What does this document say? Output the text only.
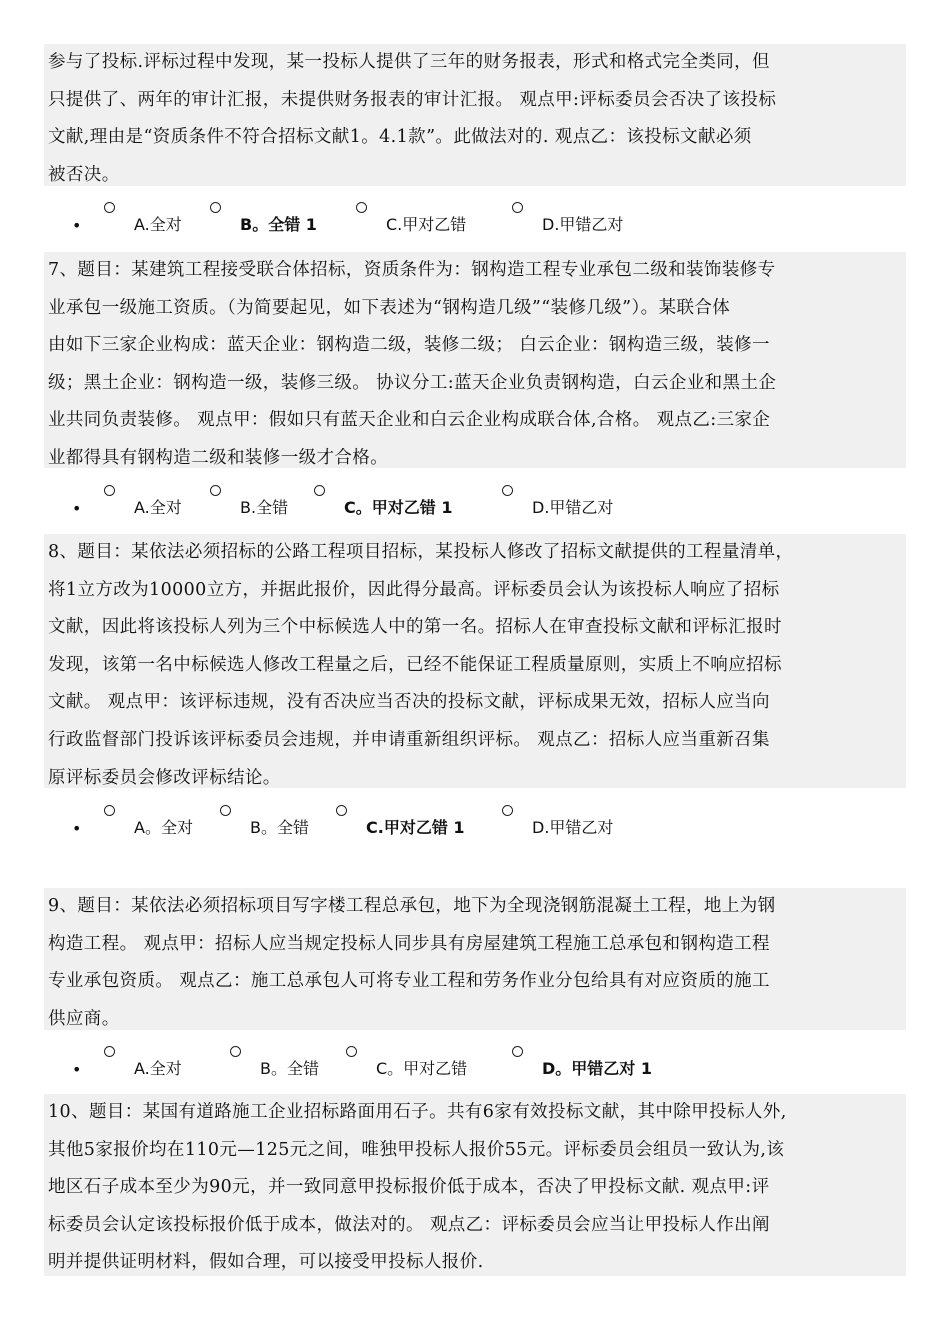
参与了投标.评标过程中发现，某一投标人提供了三年的财务报表，形式和格式完全类同，但

只提供了、两年的审计汇报，未提供财务报表的审计汇报。 观点甲:评标委员会否决了该投标

文献,理由是“资质条件不符合招标文献1。4.1款”。此做法对的. 观点乙：该投标文献必须

被否决。

•	A.全对	B。全错 1	C.甲对乙错	D.甲错乙对

7、题目：某建筑工程接受联合体招标，资质条件为：钢构造工程专业承包二级和装饰装修专

业承包一级施工资质。（为简要起见，如下表述为“钢构造几级”“装修几级”）。某联合体

由如下三家企业构成：蓝天企业：钢构造二级，装修二级； 白云企业：钢构造三级，装修一

级；黑土企业：钢构造一级，装修三级。 协议分工:蓝天企业负责钢构造，白云企业和黑土企

业共同负责装修。 观点甲：假如只有蓝天企业和白云企业构成联合体,合格。 观点乙:三家企

业都得具有钢构造二级和装修一级才合格。

•	A.全对	B.全错	C。甲对乙错 1	D.甲错乙对

8、题目：某依法必须招标的公路工程项目招标，某投标人修改了招标文献提供的工程量清单，

将1立方改为10000立方，并据此报价，因此得分最高。评标委员会认为该投标人响应了招标

文献，因此将该投标人列为三个中标候选人中的第一名。招标人在审查投标文献和评标汇报时

发现，该第一名中标候选人修改工程量之后，已经不能保证工程质量原则，实质上不响应招标

文献。 观点甲：该评标违规，没有否决应当否决的投标文献，评标成果无效，招标人应当向

行政监督部门投诉该评标委员会违规，并申请重新组织评标。 观点乙：招标人应当重新召集

原评标委员会修改评标结论。

•	A。全对	B。全错	C.甲对乙错 1	D.甲错乙对

9、题目：某依法必须招标项目写字楼工程总承包，地下为全现浇钢筋混凝土工程，地上为钢

构造工程。 观点甲：招标人应当规定投标人同步具有房屋建筑工程施工总承包和钢构造工程

专业承包资质。 观点乙：施工总承包人可将专业工程和劳务作业分包给具有对应资质的施工

供应商。

•	A.全对	B。全错	C。甲对乙错	D。甲错乙对 1

10、题目：某国有道路施工企业招标路面用石子。共有6家有效投标文献，其中除甲投标人外,

其他5家报价均在110元—125元之间，唯独甲投标人报价55元。评标委员会组员一致认为,该

地区石子成本至少为90元，并一致同意甲投标报价低于成本，否决了甲投标文献. 观点甲:评

标委员会认定该投标报价低于成本，做法对的。 观点乙：评标委员会应当让甲投标人作出阐

明并提供证明材料，假如合理，可以接受甲投标人报价.
